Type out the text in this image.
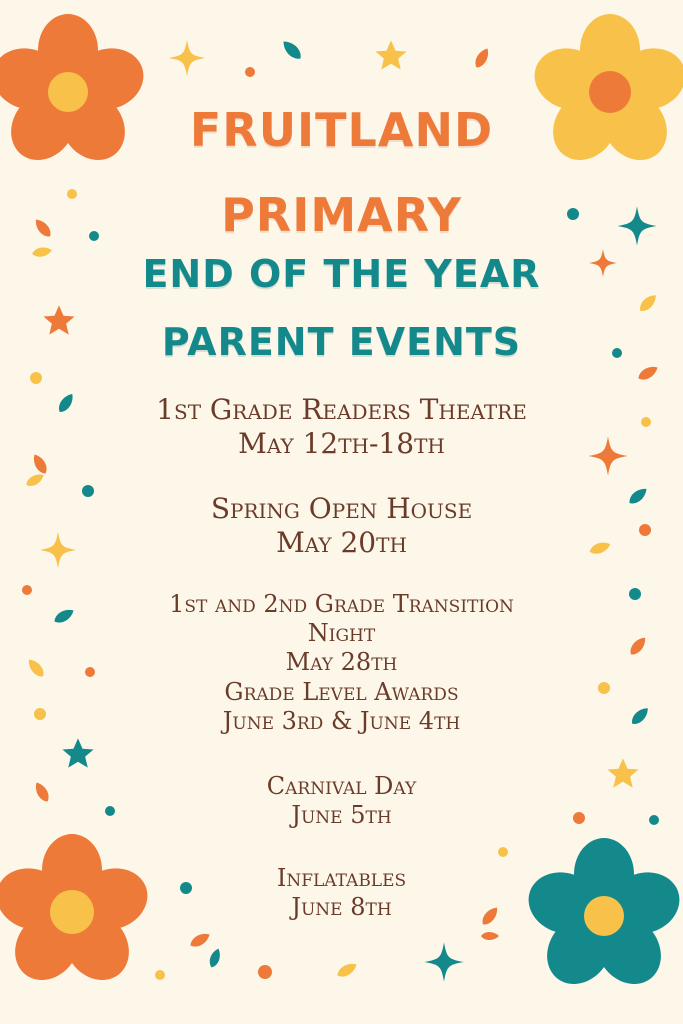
FRUITLAND
PRIMARY
END OF THE YEAR
PARENT EVENTS
1st Grade Readers Theatre
May 12th-18th
Spring Open House
May 20th
1st and 2nd Grade Transition
Night
May 28th
Grade Level Awards
June 3rd & June 4th
Carnival Day
June 5th
Inflatables
June 8th
